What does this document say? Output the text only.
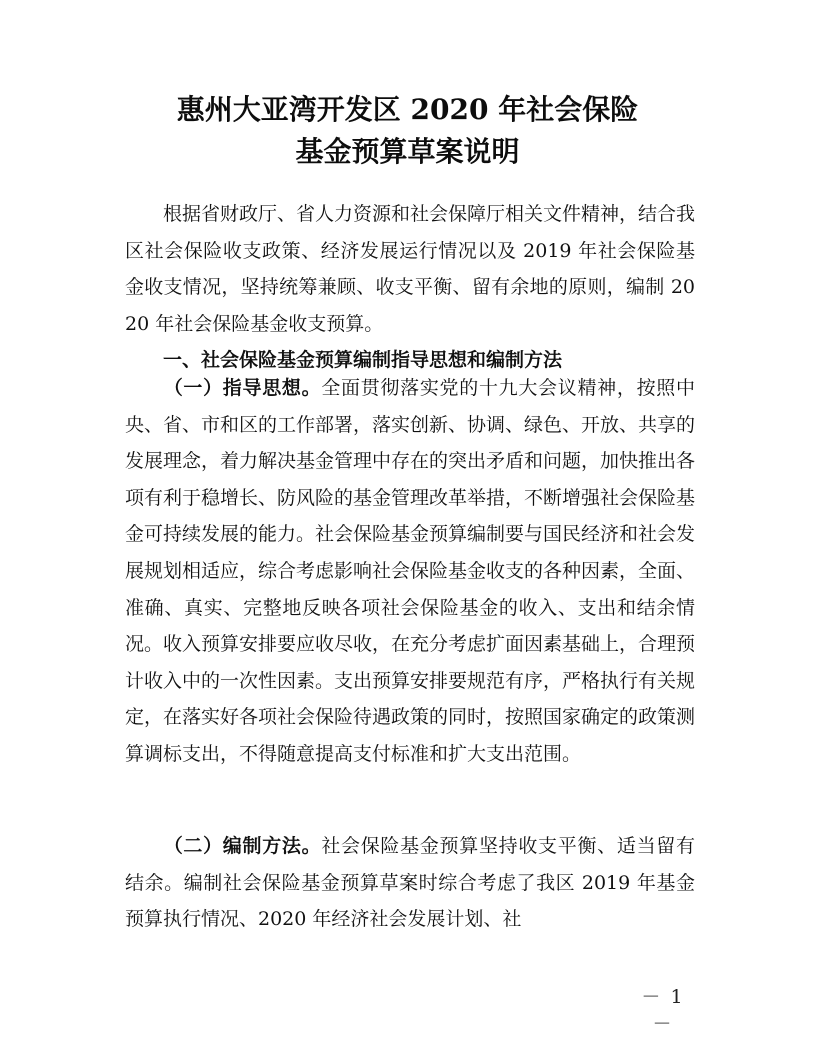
惠州大亚湾开发区 2020 年社会保险
基金预算草案说明
根据省财政厅、省人力资源和社会保障厅相关文件精神，结合我区社会保险收支政策、经济发展运行情况以及 2019 年社会保险基金收支情况，坚持统筹兼顾、收支平衡、留有余地的原则，编制 2020 年社会保险基金收支预算。
一、社会保险基金预算编制指导思想和编制方法
（一）指导思想。全面贯彻落实党的十九大会议精神，按照中央、省、市和区的工作部署，落实创新、协调、绿色、开放、共享的发展理念，着力解决基金管理中存在的突出矛盾和问题，加快推出各项有利于稳增长、防风险的基金管理改革举措，不断增强社会保险基金可持续发展的能力。社会保险基金预算编制要与国民经济和社会发展规划相适应，综合考虑影响社会保险基金收支的各种因素，全面、准确、真实、完整地反映各项社会保险基金的收入、支出和结余情况。收入预算安排要应收尽收，在充分考虑扩面因素基础上，合理预计收入中的一次性因素。支出预算安排要规范有序，严格执行有关规定，在落实好各项社会保险待遇政策的同时，按照国家确定的政策测算调标支出，不得随意提高支付标准和扩大支出范围。
（二）编制方法。社会保险基金预算坚持收支平衡、适当留有结余。编制社会保险基金预算草案时综合考虑了我区 2019 年基金预算执行情况、2020 年经济社会发展计划、社
－ 1 －
